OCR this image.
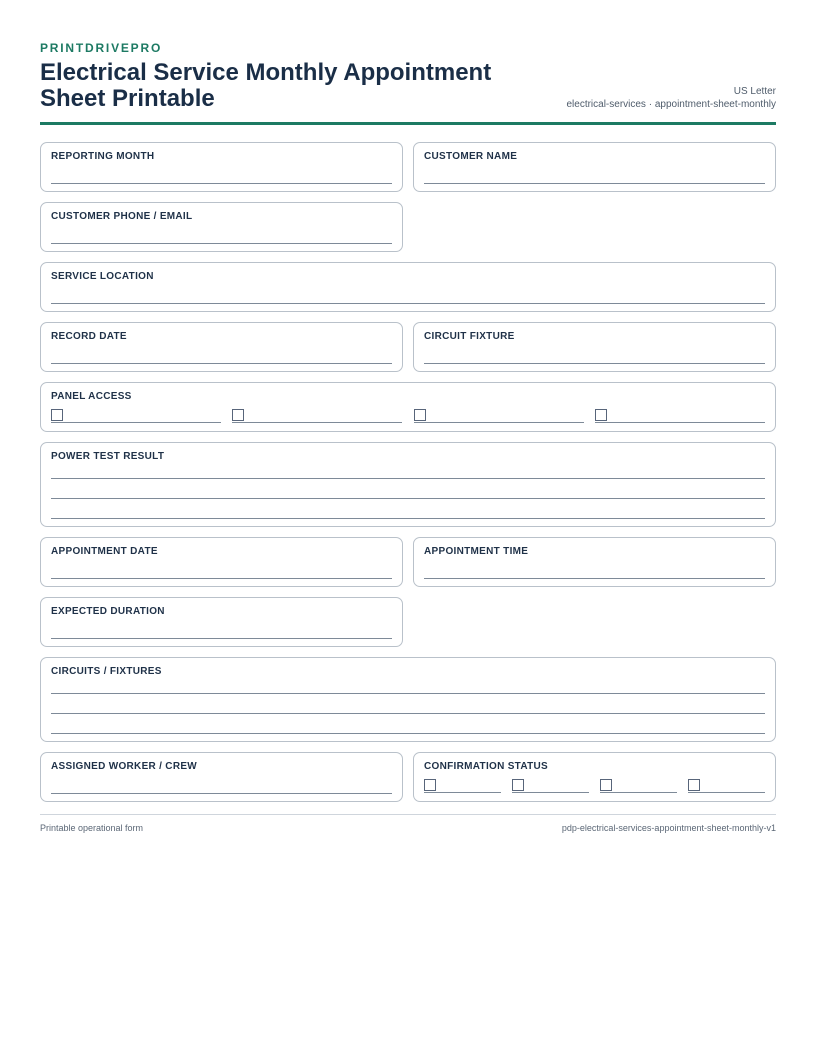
PRINTDRIVEPRO
Electrical Service Monthly Appointment Sheet Printable	US Letter
electrical-services · appointment-sheet-monthly
REPORTING MONTH	CUSTOMER NAME
CUSTOMER PHONE / EMAIL
SERVICE LOCATION
RECORD DATE	CIRCUIT FIXTURE
PANEL ACCESS
POWER TEST RESULT
APPOINTMENT DATE	APPOINTMENT TIME
EXPECTED DURATION
CIRCUITS / FIXTURES
ASSIGNED WORKER / CREW	CONFIRMATION STATUS
Printable operational form	pdp-electrical-services-appointment-sheet-monthly-v1
